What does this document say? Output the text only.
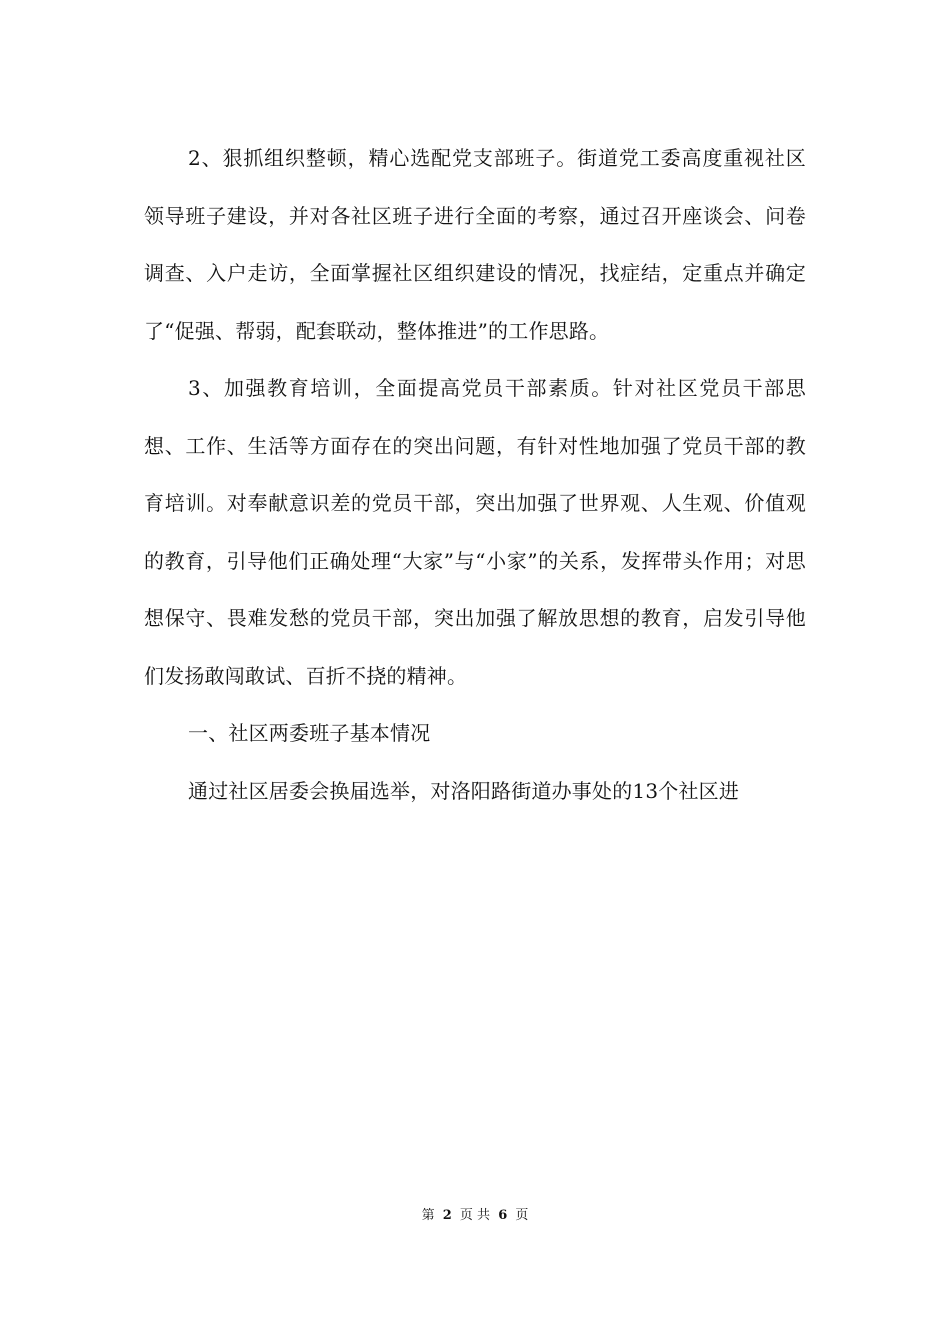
2、狠抓组织整顿，精心选配党支部班子。街道党工委高度重视社区领导班子建设，并对各社区班子进行全面的考察，通过召开座谈会、问卷调查、入户走访，全面掌握社区组织建设的情况，找症结，定重点并确定了“促强、帮弱，配套联动，整体推进”的工作思路。

3、加强教育培训，全面提高党员干部素质。针对社区党员干部思想、工作、生活等方面存在的突出问题，有针对性地加强了党员干部的教育培训。对奉献意识差的党员干部，突出加强了世界观、人生观、价值观的教育，引导他们正确处理“大家”与“小家”的关系，发挥带头作用；对思想保守、畏难发愁的党员干部，突出加强了解放思想的教育，启发引导他们发扬敢闯敢试、百折不挠的精神。

一、社区两委班子基本情况

通过社区居委会换届选举，对洛阳路街道办事处的13个社区进

第 2 页 共 6 页
